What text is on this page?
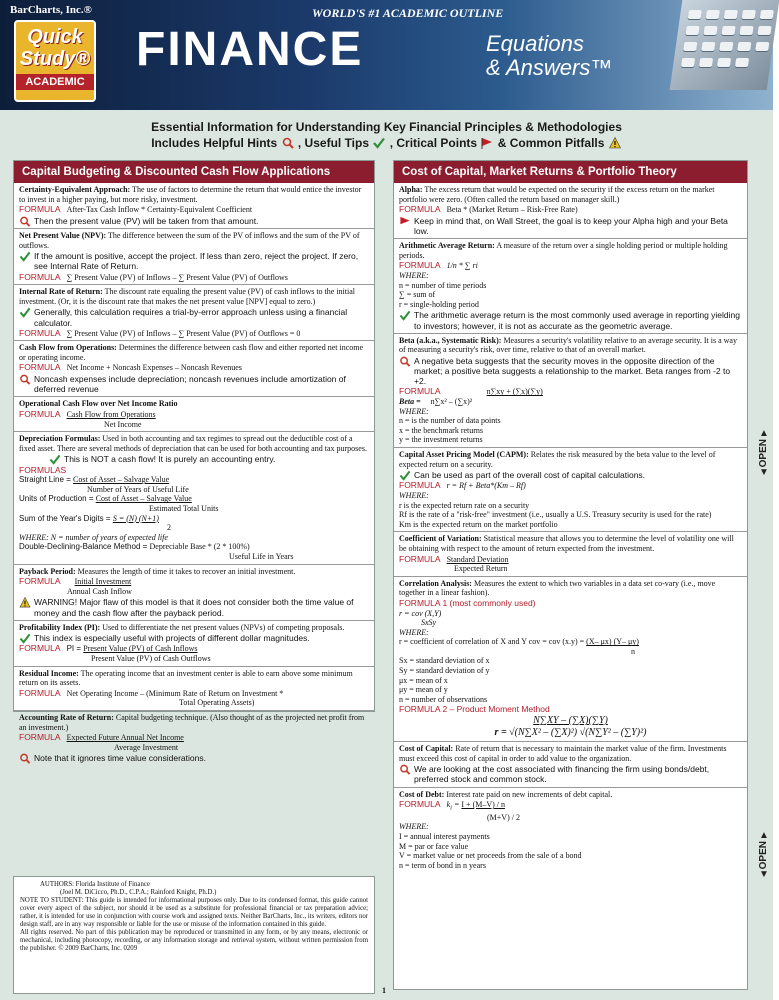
BarCharts, Inc.®
Quick
Study®
ACADEMIC
WORLD'S #1 ACADEMIC OUTLINE
FINANCE	Equations
& Answers™
Essential Information for Understanding Key Financial Principles & Methodologies
Includes Helpful Hints , Useful Tips , Critical Points & Common Pitfalls
Capital Budgeting & Discounted Cash Flow Applications

Certainty-Equivalent Approach: The use of factors to determine the return that would entice the investor to invest in a higher paying, but more risky, investment.

FORMULA After-Tax Cash Inflow * Certainty-Equivalent Coefficient

Then the present value (PV) will be taken from that amount.

Net Present Value (NPV): The difference between the sum of the PV of inflows and the sum of the PV of outflows.

If the amount is positive, accept the project. If less than zero, reject the project. If zero, see Internal Rate of Return.

FORMULA ∑ Present Value (PV) of Inflows – ∑ Present Value (PV) of Outflows

Internal Rate of Return: The discount rate equaling the present value (PV) of cash inflows to the initial investment. (Or, it is the discount rate that makes the net present value [NPV] equal to zero.)

Generally, this calculation requires a trial-by-error approach unless using a financial calculator.

FORMULA ∑ Present Value (PV) of Inflows – ∑ Present Value (PV) of Outflows = 0

Cash Flow from Operations: Determines the difference between cash flow and either reported net income or operating income.

FORMULA Net Income + Noncash Expenses – Noncash Revenues

Noncash expenses include depreciation; noncash revenues include amortization of deferred revenue

Operational Cash Flow over Net Income Ratio

FORMULA Cash Flow from Operations

Net Income

Depreciation Formulas: Used in both accounting and tax regimes to spread out the deductible cost of a fixed asset. There are several methods of depreciation that can be used for both accounting and tax purposes.

This is NOT a cash flow! It is purely an accounting entry.

FORMULAS

Straight Line = Cost of Asset – Salvage Value

Number of Years of Useful Life

Units of Production = Cost of Asset – Salvage Value

Estimated Total Units

Sum of the Year's Digits = S = (N) (N+1)

2

WHERE: N = number of years of expected life

Double-Declining-Balance Method = Depreciable Base * (2 * 100%)

Useful Life in Years

Payback Period: Measures the length of time it takes to recover an initial investment.

FORMULA Initial Investment

Annual Cash Inflow

WARNING! Major flaw of this model is that it does not consider both the time value of money and the cash flow after the payback period.

Profitability Index (PI): Used to differentiate the net present values (NPVs) of competing proposals.

This index is especially useful with projects of different dollar magnitudes.

FORMULA PI = Present Value (PV) of Cash Inflows

Present Value (PV) of Cash Outflows

Residual Income: The operating income that an investment center is able to earn above some minimum return on its assets.

FORMULA Net Operating Income – (Minimum Rate of Return on Investment *

Total Operating Assets)

Accounting Rate of Return: Capital budgeting technique. (Also thought of as the projected net profit from an investment.)

FORMULA Expected Future Annual Net Income

Average Investment

Note that it ignores time value considerations.

AUTHORS: Florida Institute of Finance

(Joel M. DiCicco, Ph.D., C.P.A.; Rainford Knight, Ph.D.)

NOTE TO STUDENT: This guide is intended for informational purposes only. Due to its condensed format, this guide cannot cover every aspect of the subject, nor should it be used as a substitute for professional financial or tax preparation advice; rather, it is intended for use in conjunction with course work and assigned texts. Neither BarCharts, Inc., its writers, editors nor design staff, are in any way responsible or liable for the use or misuse of the information contained in this guide.

All rights reserved. No part of this publication may be reproduced or transmitted in any form, or by any means, electronic or mechanical, including photocopy, recording, or any information storage and retrieval system, without written permission from the publisher. © 2009 BarCharts, Inc. 0209

Cost of Capital, Market Returns & Portfolio Theory

Alpha: The excess return that would be expected on the security if the excess return on the market portfolio were zero. (Often called the return based on manager skill.)

FORMULA Beta * (Market Return – Risk-Free Rate)

Keep in mind that, on Wall Street, the goal is to keep your Alpha high and your Beta low.

Arithmetic Average Return: A measure of the return over a single holding period or multiple holding periods.

FORMULA 1/n * ∑ ri

WHERE:

n = number of time periods

∑ = sum of

r = single-holding period

The arithmetic average return is the most commonly used average in reporting yielding to investors; however, it is not as accurate as the geometric average.

Beta (a.k.a., Systematic Risk): Measures a security's volatility relative to an average security. It is a way of measuring a security's risk, over time, relative to that of an overall market.

A negative beta suggests that the security moves in the opposite direction of the market; a positive beta suggests a relationship to the market. Beta ranges from -2 to +2.

FORMULA	n∑xy + (∑x)(∑y)

Beta = n∑x² – (∑x)²

WHERE:

n = is the number of data points

x = the benchmark returns

y = the investment returns

Capital Asset Pricing Model (CAPM): Relates the risk measured by the beta value to the level of expected return on a security.

Can be used as part of the overall cost of capital calculations.

FORMULA r = Rf + Beta*(Km – Rf)

WHERE:

r is the expected return rate on a security

Rf is the rate of a "risk-free" investment (i.e., usually a U.S. Treasury security is used for the rate)

Km is the expected return on the market portfolio

Coefficient of Variation: Statistical measure that allows you to determine the level of volatility one will be obtaining with respect to the amount of return expected from the investment.

FORMULA Standard Deviation

Expected Return

Correlation Analysis: Measures the extent to which two variables in a data set co-vary (i.e., move together in a linear fashion).

FORMULA 1 (most commonly used)

r = cov (X,Y)

SxSy

WHERE:

r = coefficient of correlation of X and Y cov = cov (x.y) = (X– μx) (Y– μy)

n

Sx = standard deviation of x

Sy = standard deviation of y

μx = mean of x

μy = mean of y

n = number of observations

FORMULA 2 – Product Moment Method

N∑XY – (∑X)(∑Y)

r = √(N∑X² – (∑X)²) √(N∑Y² – (∑Y)²)

Cost of Capital: Rate of return that is necessary to maintain the market value of the firm. Investments must exceed this cost of capital in order to add value to the organization.

We are looking at the cost associated with financing the firm using bonds/debt, preferred stock and common stock.

Cost of Debt: Interest rate paid on new increments of debt capital.

FORMULA $k_i = I + (M-V) / n$

(M+V) / 2

WHERE:

I = annual interest payments

M = par or face value

V = market value or net proceeds from the sale of a bond

n = term of bond in n years

▲
OPEN
▼
▲
OPEN
▼
1
